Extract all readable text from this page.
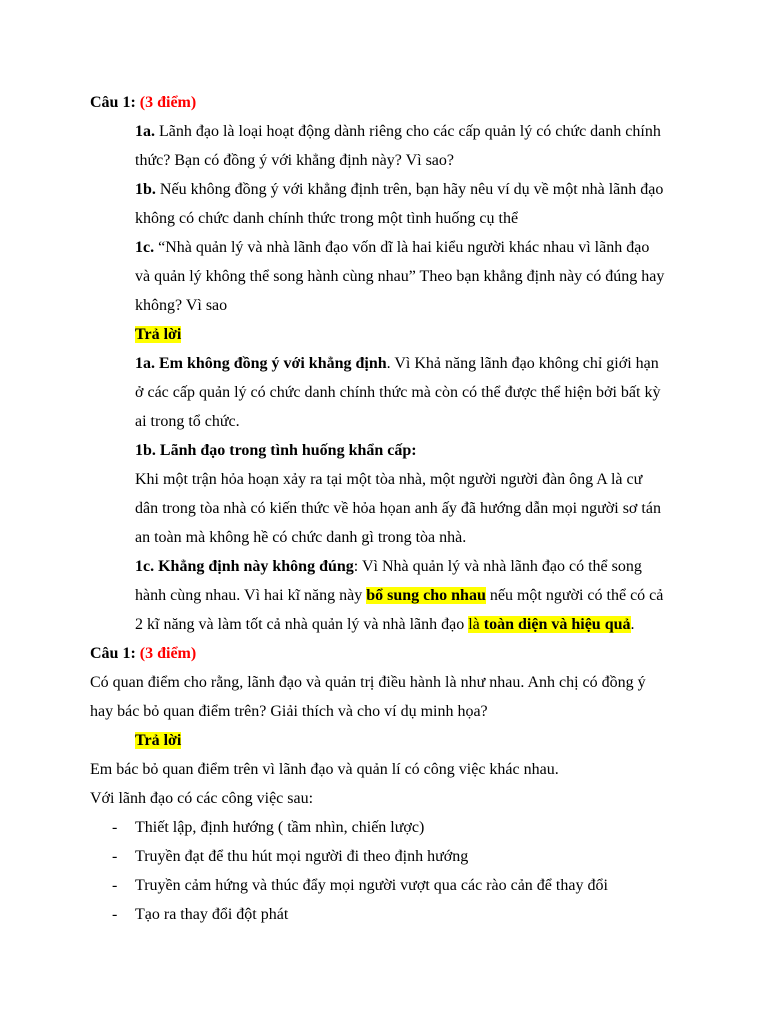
Câu 1: (3 điểm)
1a. Lãnh đạo là loại hoạt động dành riêng cho các cấp quản lý có chức danh chính
thức? Bạn có đồng ý với khẳng định này? Vì sao?
1b. Nếu không đồng ý với khẳng định trên, bạn hãy nêu ví dụ về một nhà lãnh đạo
không có chức danh chính thức trong một tình huống cụ thể
1c. “Nhà quản lý và nhà lãnh đạo vốn dĩ là hai kiểu người khác nhau vì lãnh đạo
và quản lý không thể song hành cùng nhau” Theo bạn khẳng định này có đúng hay
không? Vì sao
Trả lời
1a. Em không đồng ý với khẳng định. Vì Khả năng lãnh đạo không chỉ giới hạn
ở các cấp quản lý có chức danh chính thức mà còn có thể được thể hiện bởi bất kỳ
ai trong tổ chức.
1b. Lãnh đạo trong tình huống khẩn cấp:
Khi một trận hỏa hoạn xảy ra tại một tòa nhà, một người người đàn ông A là cư
dân trong tòa nhà có kiến thức về hỏa họan anh ấy đã hướng dẫn mọi người sơ tán
an toàn mà không hề có chức danh gì trong tòa nhà.
1c. Khẳng định này không đúng: Vì Nhà quản lý và nhà lãnh đạo có thể song
hành cùng nhau. Vì hai kĩ năng này bổ sung cho nhau nếu một người có thể có cả
2 kĩ năng và làm tốt cả nhà quản lý và nhà lãnh đạo là toàn diện và hiệu quả.
Câu 1: (3 điểm)
Có quan điểm cho rằng, lãnh đạo và quản trị điều hành là như nhau. Anh chị có đồng ý
hay bác bỏ quan điểm trên? Giải thích và cho ví dụ minh họa?
Trả lời
Em bác bỏ quan điểm trên vì lãnh đạo và quản lí có công việc khác nhau.
Với lãnh đạo có các công việc sau:
- Thiết lập, định hướng ( tầm nhìn, chiến lược)
- Truyền đạt để thu hút mọi người đi theo định hướng
- Truyền cảm hứng và thúc đẩy mọi người vượt qua các rào cản để thay đổi
- Tạo ra thay đổi đột phát
